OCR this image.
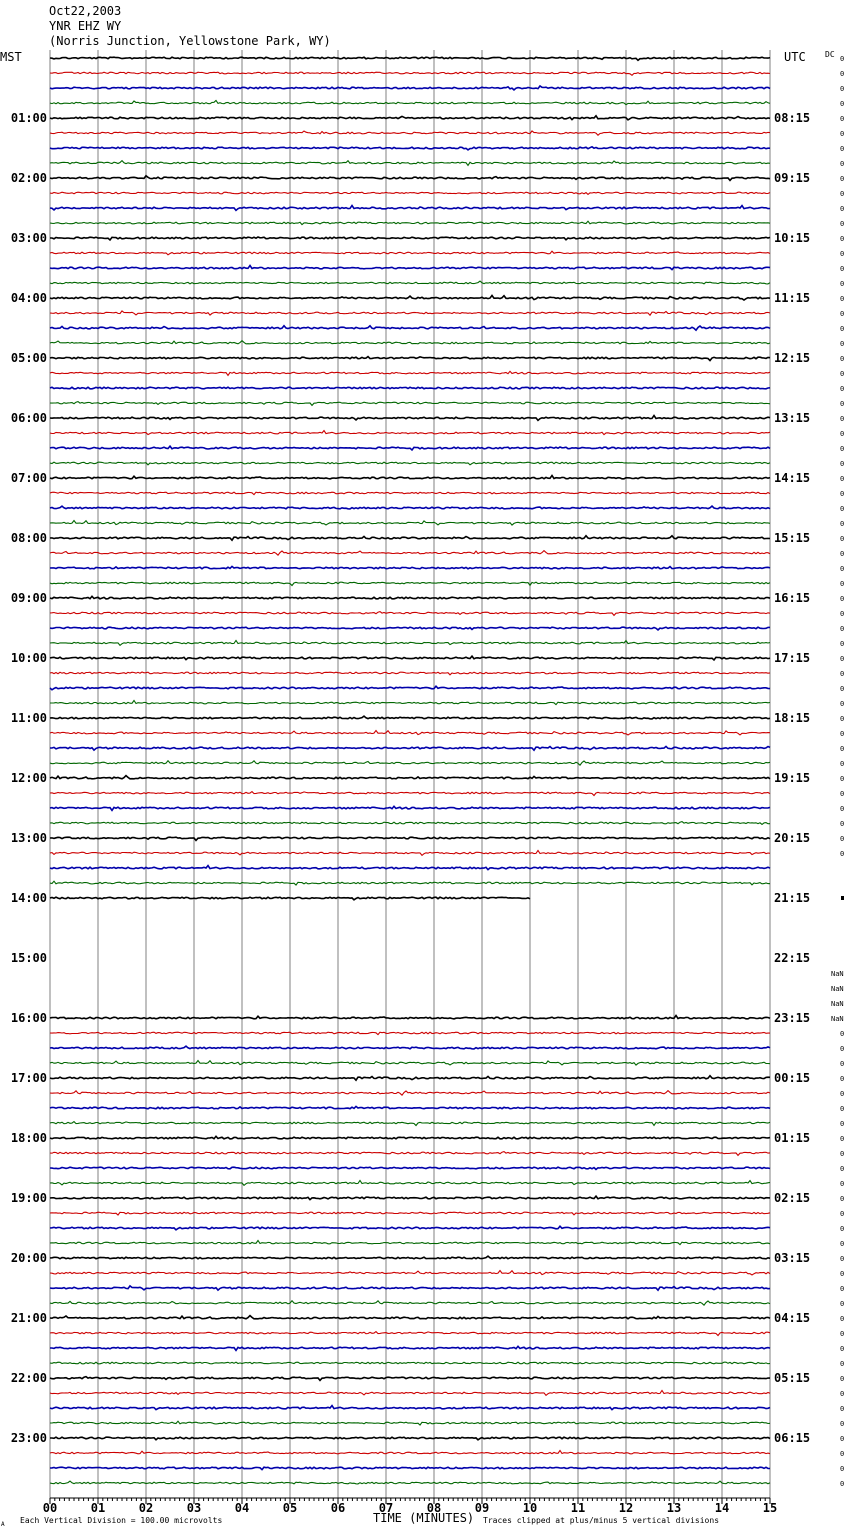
Oct22,2003
YNR EHZ WY
(Norris Junction, Yellowstone Park, WY)
00	01	02	03	04	05	06	07	08	09	10	11	12	13	14	15
0
0
0
0
0
0
0
0
0
0
0
0
0
0
0
0
0
0
0
0
0
0
0
0
0
0
0
0
0
0
0
0
0
0
0
0
0
0
0
0
0
0
0
0
0
0
0
0
0
0
0
0
0
0
NaN
NaN
NaN
NaN
0
0
0
0
0
0
0
0
0
0
0
0
0
0
0
0
0
0
0
0
0
0
0
0
0
0
0
0
0
0
0
01:00
02:00
03:00
04:00
05:00
06:00
07:00
08:00
09:00
10:00
11:00
12:00
13:00
14:00
15:00
16:00
17:00
18:00
19:00
20:00
21:00
22:00
23:00
08:15
09:15
10:15
11:15
12:15
13:15
14:15
15:15
16:15
17:15
18:15
19:15
20:15
21:15
22:15
23:15
00:15
01:15
02:15
03:15
04:15
05:15
06:15
MST	UTC DC
TIME (MINUTES)
Each Vertical Division = 100.00 microvolts	Traces clipped at plus/minus 5 vertical divisions
A
